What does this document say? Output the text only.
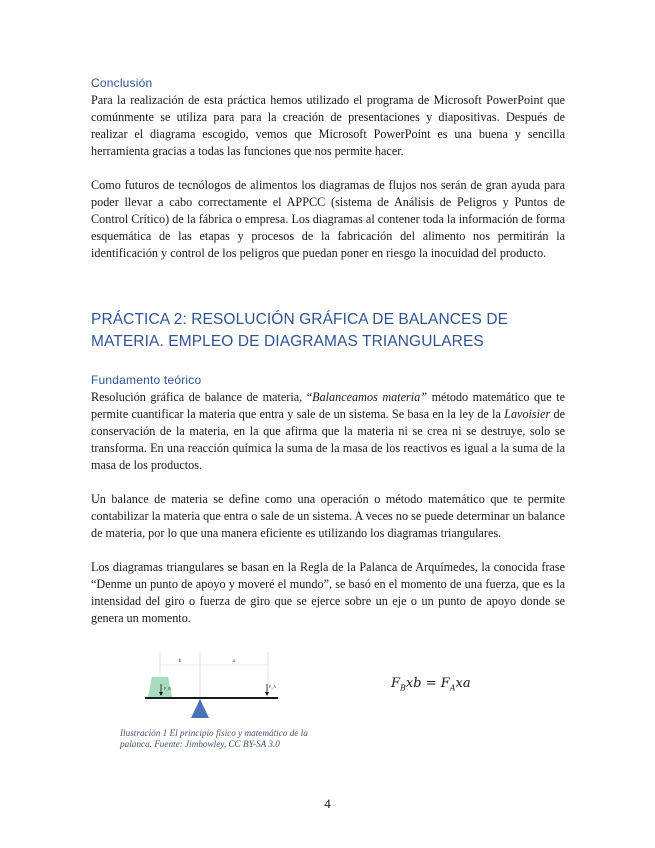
Conclusión

Para la realización de esta práctica hemos utilizado el programa de Microsoft PowerPoint que comúnmente se utiliza para para la creación de presentaciones y diapositivas. Después de realizar el diagrama escogido, vemos que Microsoft PowerPoint es una buena y sencilla herramienta gracias a todas las funciones que nos permite hacer.

Como futuros de tecnólogos de alimentos los diagramas de flujos nos serán de gran ayuda para poder llevar a cabo correctamente el APPCC (sistema de Análisis de Peligros y Puntos de Control Crítico) de la fábrica o empresa. Los diagramas al contener toda la información de forma esquemática de las etapas y procesos de la fabricación del alimento nos permitirán la identificación y control de los peligros que puedan poner en riesgo la inocuidad del producto.

PRÁCTICA 2: RESOLUCIÓN GRÁFICA DE BALANCES DE MATERIA. EMPLEO DE DIAGRAMAS TRIANGULARES
Fundamento teórico

Resolución gráfica de balance de materia, “Balanceamos materia” método matemático que te permite cuantificar la materia que entra y sale de un sistema. Se basa en la ley de la Lavoisier de conservación de la materia, en la que afirma que la materia ni se crea ni se destruye, solo se transforma. En una reacción química la suma de la masa de los reactivos es igual a la suma de la masa de los productos.

Un balance de materia se define como una operación o método matemático que te permite contabilizar la materia que entra o sale de un sistema. A veces no se puede determinar un balance de materia, por lo que una manera eficiente es utilizando los diagramas triangulares.

Los diagramas triangulares se basan en la Regla de la Palanca de Arquímedes, la conocida frase “Denme un punto de apoyo y moveré el mundo”, se basó en el momento de una fuerza, que es la intensidad del giro o fuerza de giro que se ejerce sobre un eje o un punto de apoyo donde se genera un momento.

b	a
F_B	F_A
Ilustración 1 El principio físico y matemático de la palanca. Fuente: Jimbowley, CC BY-SA 3.0
$F_Bxb = F_Axa$
4
